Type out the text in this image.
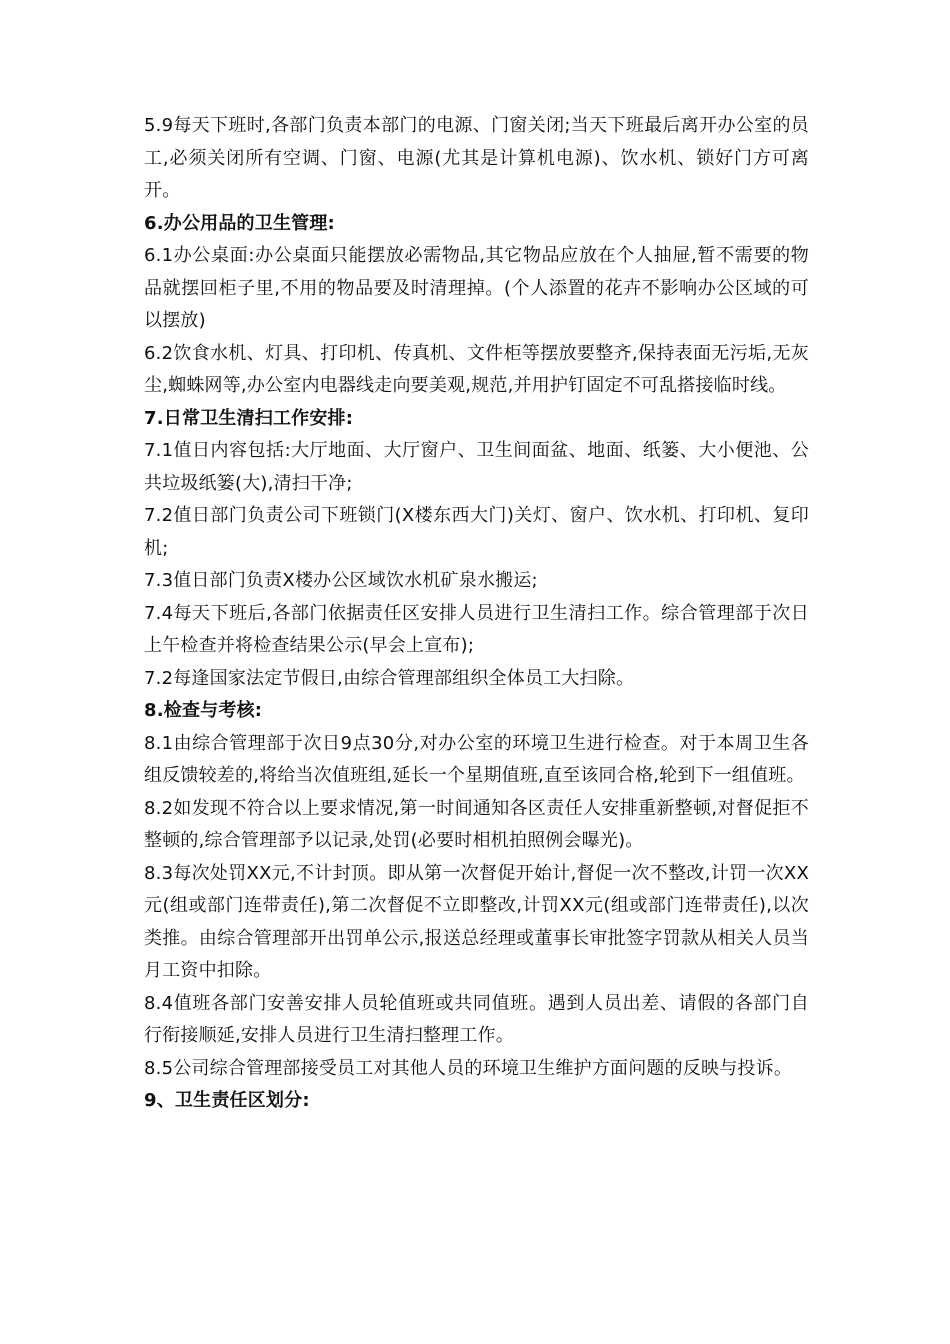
5.9每天下班时,各部门负责本部门的电源、门窗关闭;当天下班最后离开办公室的员工,必须关闭所有空调、门窗、电源(尤其是计算机电源)、饮水机、锁好门方可离开。

6.办公用品的卫生管理:

6.1办公桌面:办公桌面只能摆放必需物品,其它物品应放在个人抽屉,暂不需要的物品就摆回柜子里,不用的物品要及时清理掉。(个人添置的花卉不影响办公区域的可以摆放)

6.2饮食水机、灯具、打印机、传真机、文件柜等摆放要整齐,保持表面无污垢,无灰尘,蜘蛛网等,办公室内电器线走向要美观,规范,并用护钉固定不可乱搭接临时线。

7.日常卫生清扫工作安排:

7.1值日内容包括:大厅地面、大厅窗户、卫生间面盆、地面、纸篓、大小便池、公共垃圾纸篓(大),清扫干净;

7.2值日部门负责公司下班锁门(X楼东西大门)关灯、窗户、饮水机、打印机、复印机;

7.3值日部门负责X楼办公区域饮水机矿泉水搬运;

7.4每天下班后,各部门依据责任区安排人员进行卫生清扫工作。综合管理部于次日上午检查并将检查结果公示(早会上宣布);

7.2每逢国家法定节假日,由综合管理部组织全体员工大扫除。

8.检查与考核:

8.1由综合管理部于次日9点30分,对办公室的环境卫生进行检查。对于本周卫生各组反馈较差的,将给当次值班组,延长一个星期值班,直至该同合格,轮到下一组值班。

8.2如发现不符合以上要求情况,第一时间通知各区责任人安排重新整顿,对督促拒不整顿的,综合管理部予以记录,处罚(必要时相机拍照例会曝光)。

8.3每次处罚XX元,不计封顶。即从第一次督促开始计,督促一次不整改,计罚一次XX元(组或部门连带责任),第二次督促不立即整改,计罚XX元(组或部门连带责任),以次类推。由综合管理部开出罚单公示,报送总经理或董事长审批签字罚款从相关人员当月工资中扣除。

8.4值班各部门安善安排人员轮值班或共同值班。遇到人员出差、请假的各部门自行衔接顺延,安排人员进行卫生清扫整理工作。

8.5公司综合管理部接受员工对其他人员的环境卫生维护方面问题的反映与投诉。

9、卫生责任区划分:
